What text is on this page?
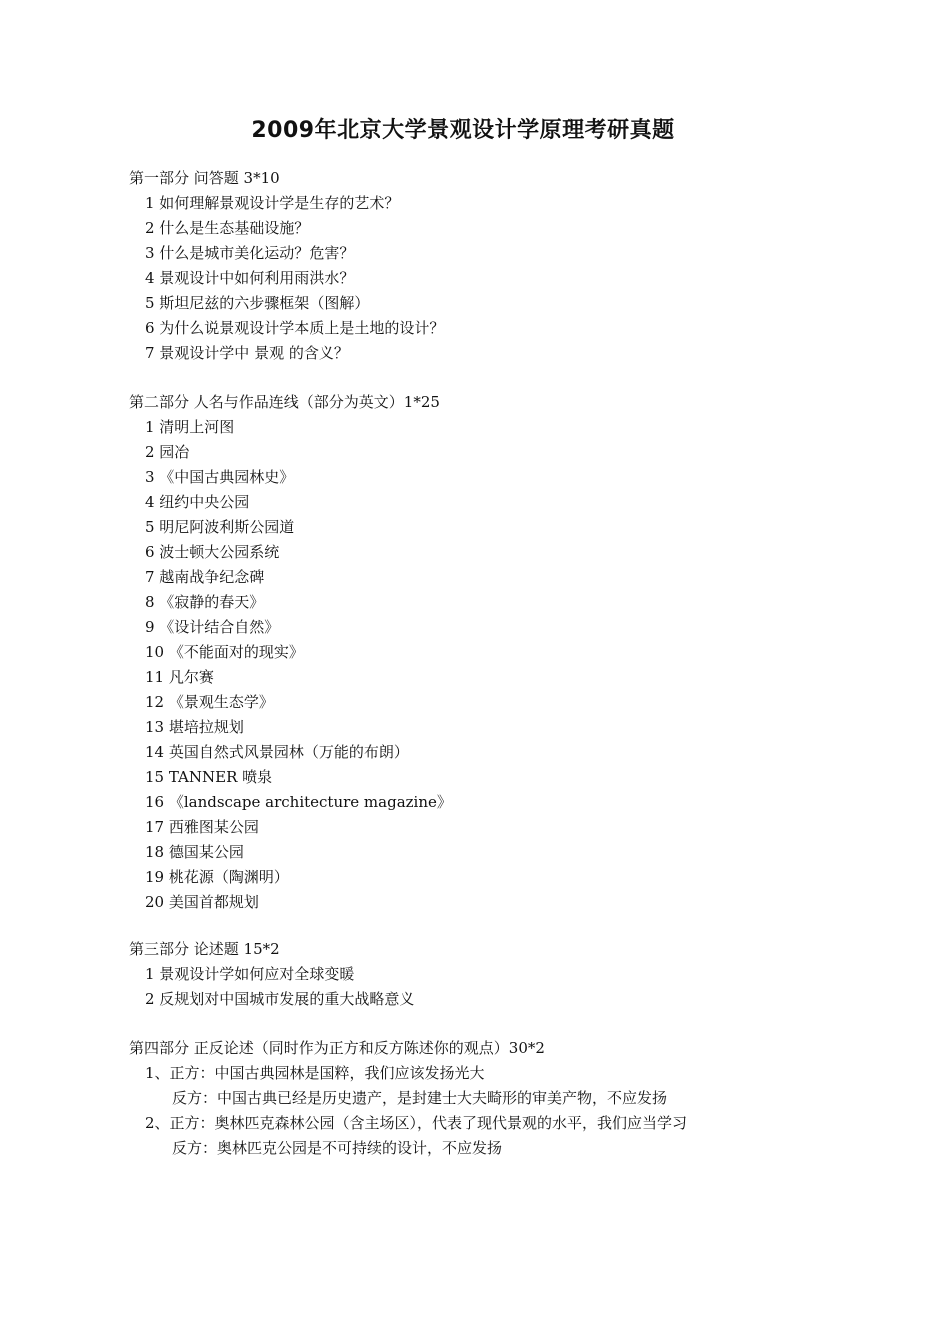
2009年北京大学景观设计学原理考研真题
第一部分 问答题 3*10
1 如何理解景观设计学是生存的艺术？
2 什么是生态基础设施？
3 什么是城市美化运动？危害？
4 景观设计中如何利用雨洪水？
5 斯坦尼兹的六步骤框架（图解）
6 为什么说景观设计学本质上是土地的设计？
7 景观设计学中 景观 的含义？
第二部分 人名与作品连线（部分为英文）1*25
1 清明上河图
2 园冶
3 《中国古典园林史》
4 纽约中央公园
5 明尼阿波利斯公园道
6 波士顿大公园系统
7 越南战争纪念碑
8 《寂静的春天》
9 《设计结合自然》
10 《不能面对的现实》
11 凡尔赛
12 《景观生态学》
13 堪培拉规划
14 英国自然式风景园林（万能的布朗）
15 TANNER 喷泉
16 《landscape architecture magazine》
17 西雅图某公园
18 德国某公园
19 桃花源（陶渊明）
20 美国首都规划
第三部分 论述题 15*2
1 景观设计学如何应对全球变暖
2 反规划对中国城市发展的重大战略意义
第四部分 正反论述（同时作为正方和反方陈述你的观点）30*2
1、正方：中国古典园林是国粹，我们应该发扬光大
反方：中国古典已经是历史遗产，是封建士大夫畸形的审美产物，不应发扬
2、正方：奥林匹克森林公园（含主场区），代表了现代景观的水平，我们应当学习
反方：奥林匹克公园是不可持续的设计，不应发扬
